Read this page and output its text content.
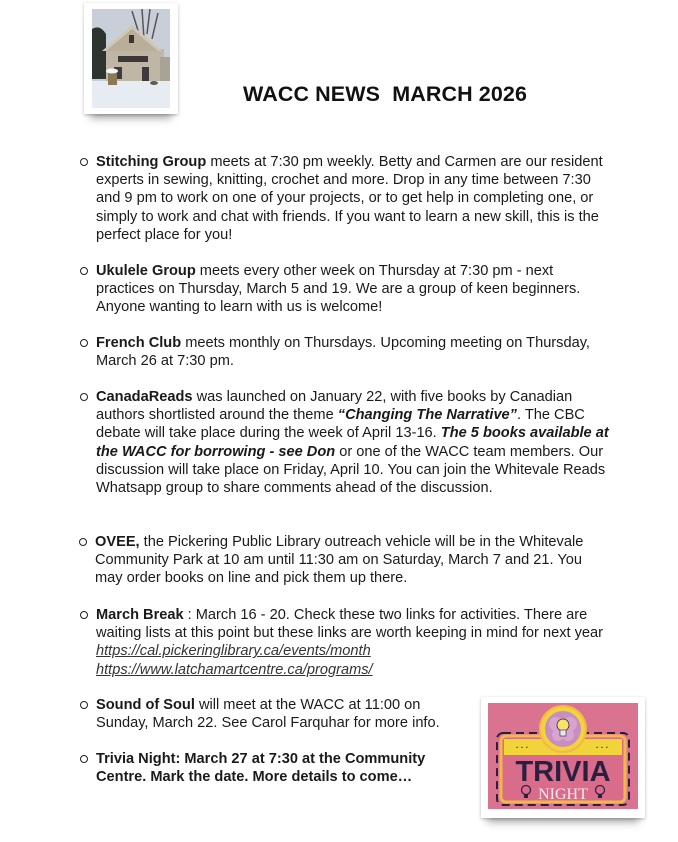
WACC NEWS  MARCH 2026

Stitching Group meets at 7:30 pm weekly. Betty and Carmen are our resident experts in sewing, knitting, crochet and more. Drop in any time between 7:30 and 9 pm to work on one of your projects, or to get help in completing one, or simply to work and chat with friends. If you want to learn a new skill, this is the perfect place for you!

Ukulele Group meets every other week on Thursday at 7:30 pm - next practices on Thursday, March 5 and 19. We are a group of keen beginners. Anyone wanting to learn with us is welcome!

French Club meets monthly on Thursdays. Upcoming meeting on Thursday, March 26 at 7:30 pm.

CanadaReads was launched on January 22, with five books by Canadian authors shortlisted around the theme “Changing The Narrative”. The CBC debate will take place during the week of April 13-16. The 5 books available at the WACC for borrowing - see Don or one of the WACC team members. Our discussion will take place on Friday, April 10. You can join the Whitevale Reads Whatsapp group to share comments ahead of the discussion.

OVEE, the Pickering Public Library outreach vehicle will be in the Whitevale Community Park at 10 am until 11:30 am on Saturday, March 7 and 21. You may order books on line and pick them up there.

March Break : March 16 - 20. Check these two links for activities. There are waiting lists at this point but these links are worth keeping in mind for next year https://cal.pickeringlibrary.ca/events/month
https://www.latchamartcentre.ca/programs/

Sound of Soul will meet at the WACC at 11:00 on Sunday, March 22. See Carol Farquhar for more info.

Trivia Night: March 27 at 7:30 at the Community Centre. Mark the date. More details to come…

· · ·	· · ·
TRIVIA
NIGHT
